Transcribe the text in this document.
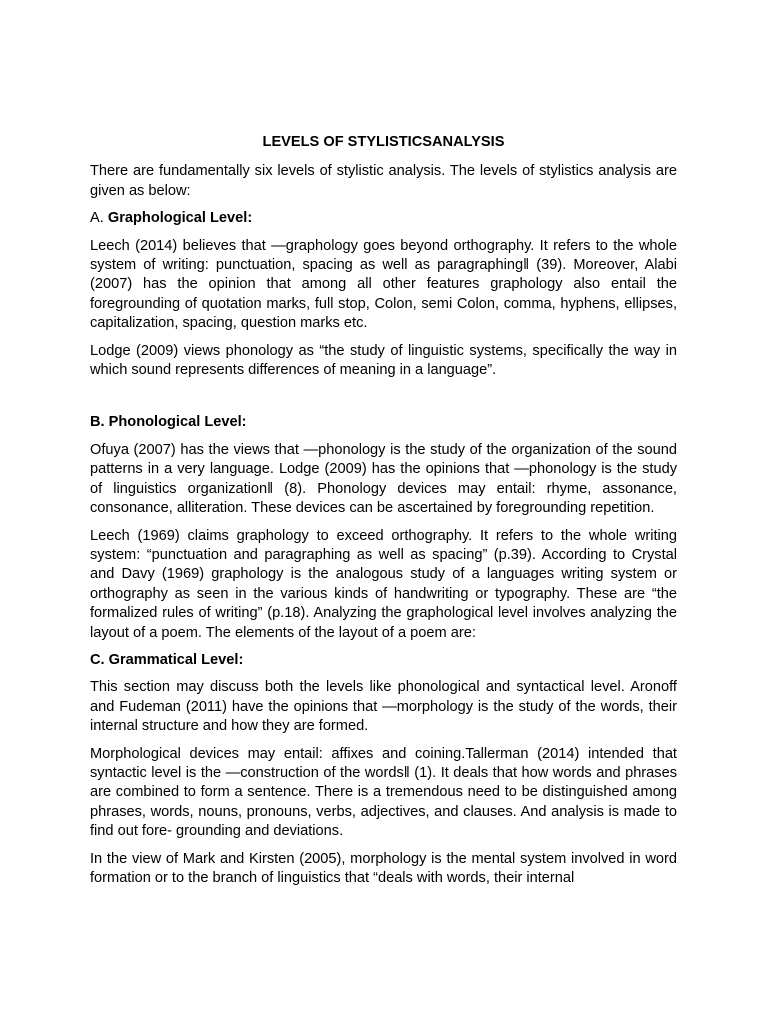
LEVELS OF STYLISTICSANALYSIS

There are fundamentally six levels of stylistic analysis. The levels of stylistics analysis are given as below:

A. Graphological Level:

Leech (2014) believes that —graphology goes beyond orthography. It refers to the whole system of writing: punctuation, spacing as well as paragraphing‖ (39). Moreover, Alabi (2007) has the opinion that among all other features graphology also entail the foregrounding of quotation marks, full stop, Colon, semi Colon, comma, hyphens, ellipses, capitalization, spacing, question marks etc.

Lodge (2009) views phonology as “the study of linguistic systems, specifically the way in which sound represents differences of meaning in a language”.

B. Phonological Level:

Ofuya (2007) has the views that —phonology is the study of the organization of the sound patterns in a very language. Lodge (2009) has the opinions that —phonology is the study of linguistics organization‖ (8). Phonology devices may entail: rhyme, assonance, consonance, alliteration. These devices can be ascertained by foregrounding repetition.

Leech (1969) claims graphology to exceed orthography. It refers to the whole writing system: “punctuation and paragraphing as well as spacing” (p.39). According to Crystal and Davy (1969) graphology is the analogous study of a languages writing system or orthography as seen in the various kinds of handwriting or typography. These are “the formalized rules of writing” (p.18). Analyzing the graphological level involves analyzing the layout of a poem. The elements of the layout of a poem are:

C. Grammatical Level:

This section may discuss both the levels like phonological and syntactical level. Aronoff and Fudeman (2011) have the opinions that —morphology is the study of the words, their internal structure and how they are formed.

Morphological devices may entail: affixes and coining.Tallerman (2014) intended that syntactic level is the —construction of the words‖ (1). It deals that how words and phrases are combined to form a sentence. There is a tremendous need to be distinguished among phrases, words, nouns, pronouns, verbs, adjectives, and clauses. And analysis is made to find out fore- grounding and deviations.

In the view of Mark and Kirsten (2005), morphology is the mental system involved in word formation or to the branch of linguistics that “deals with words, their internal
